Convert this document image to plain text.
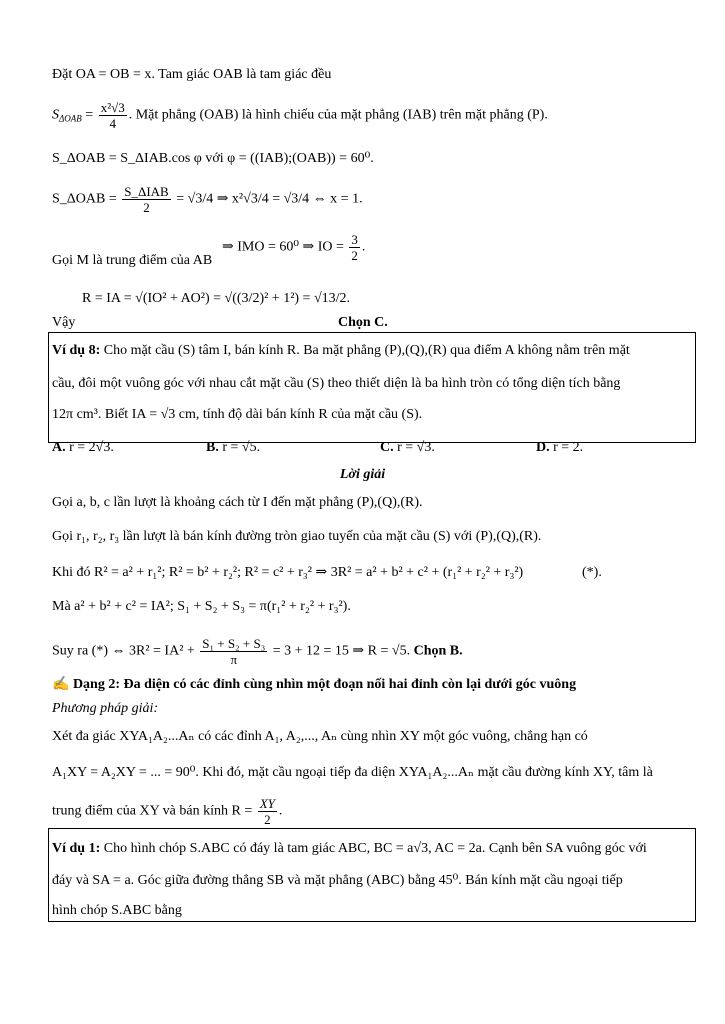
Đặt OA = OB = x. Tam giác OAB là tam giác đều
$S_{\Delta OAB} = \frac{\text{x²√3}}{4}$ . Mặt phẳng (OAB) là hình chiếu của mặt phẳng (IAB) trên mặt phẳng (P).
S_ΔOAB = S_ΔIAB.cos φ với φ = ((IAB);(OAB)) = 60⁰.
S_ΔOAB = $\frac{\text{S\_ΔIAB}}{2} = √3/4$ ⇒ x²√3/4 = √3/4 ⇔ x = 1.
⇒ IMO = 60⁰ ⇒ IO = $\frac{3}{2}$ .
Gọi M là trung điểm của AB
R = IA = √(IO² + AO²) = √((3/2)² + 1²) = √13/2.
Vậy	Chọn C.
Ví dụ 8: Cho mặt cầu (S) tâm I, bán kính R. Ba mặt phẳng (P),(Q),(R) qua điểm A không nằm trên mặt
cầu, đôi một vuông góc với nhau cắt mặt cầu (S) theo thiết diện là ba hình tròn có tổng diện tích bằng
12π cm³. Biết IA = √3 cm, tính độ dài bán kính R của mặt cầu (S).
A. r = 2√3.	B. r = √5.	C. r = √3.	D. r = 2.
Lời giải
Gọi a, b, c lần lượt là khoảng cách từ I đến mặt phẳng (P),(Q),(R).
Gọi r₁, r₂, r₃ lần lượt là bán kính đường tròn giao tuyến của mặt cầu (S) với (P),(Q),(R).
Khi đó R² = a² + r₁²; R² = b² + r₂²; R² = c² + r₃² ⇒ 3R² = a² + b² + c² + (r₁² + r₂² + r₃²)	(*).
Mà a² + b² + c² = IA²; S₁ + S₂ + S₃ = π(r₁² + r₂² + r₃²).
Suy ra (*) ⇔ $3R^2 = IA^2 + \frac{\text{S₁ + S₂ + S₃}}{\pi} = 3 + 12 = 15$ ⇒ R = √5. Chọn B.
✍ Dạng 2: Đa diện có các đỉnh cùng nhìn một đoạn nối hai đỉnh còn lại dưới góc vuông
Phương pháp giải:
Xét đa giác XYA₁A₂...Aₙ có các đỉnh A₁, A₂,..., Aₙ cùng nhìn XY một góc vuông, chẳng hạn có
A₁XY = A₂XY = ... = 90⁰. Khi đó, mặt cầu ngoại tiếp đa diện XYA₁A₂...Aₙ mặt cầu đường kính XY, tâm là
trung điểm của XY và bán kính $R = \frac{XY}{2}$ .
Ví dụ 1: Cho hình chóp S.ABC có đáy là tam giác ABC, BC = a√3, AC = 2a. Cạnh bên SA vuông góc với
đáy và SA = a. Góc giữa đường thẳng SB và mặt phẳng (ABC) bằng 45⁰. Bán kính mặt cầu ngoại tiếp
hình chóp S.ABC bằng
